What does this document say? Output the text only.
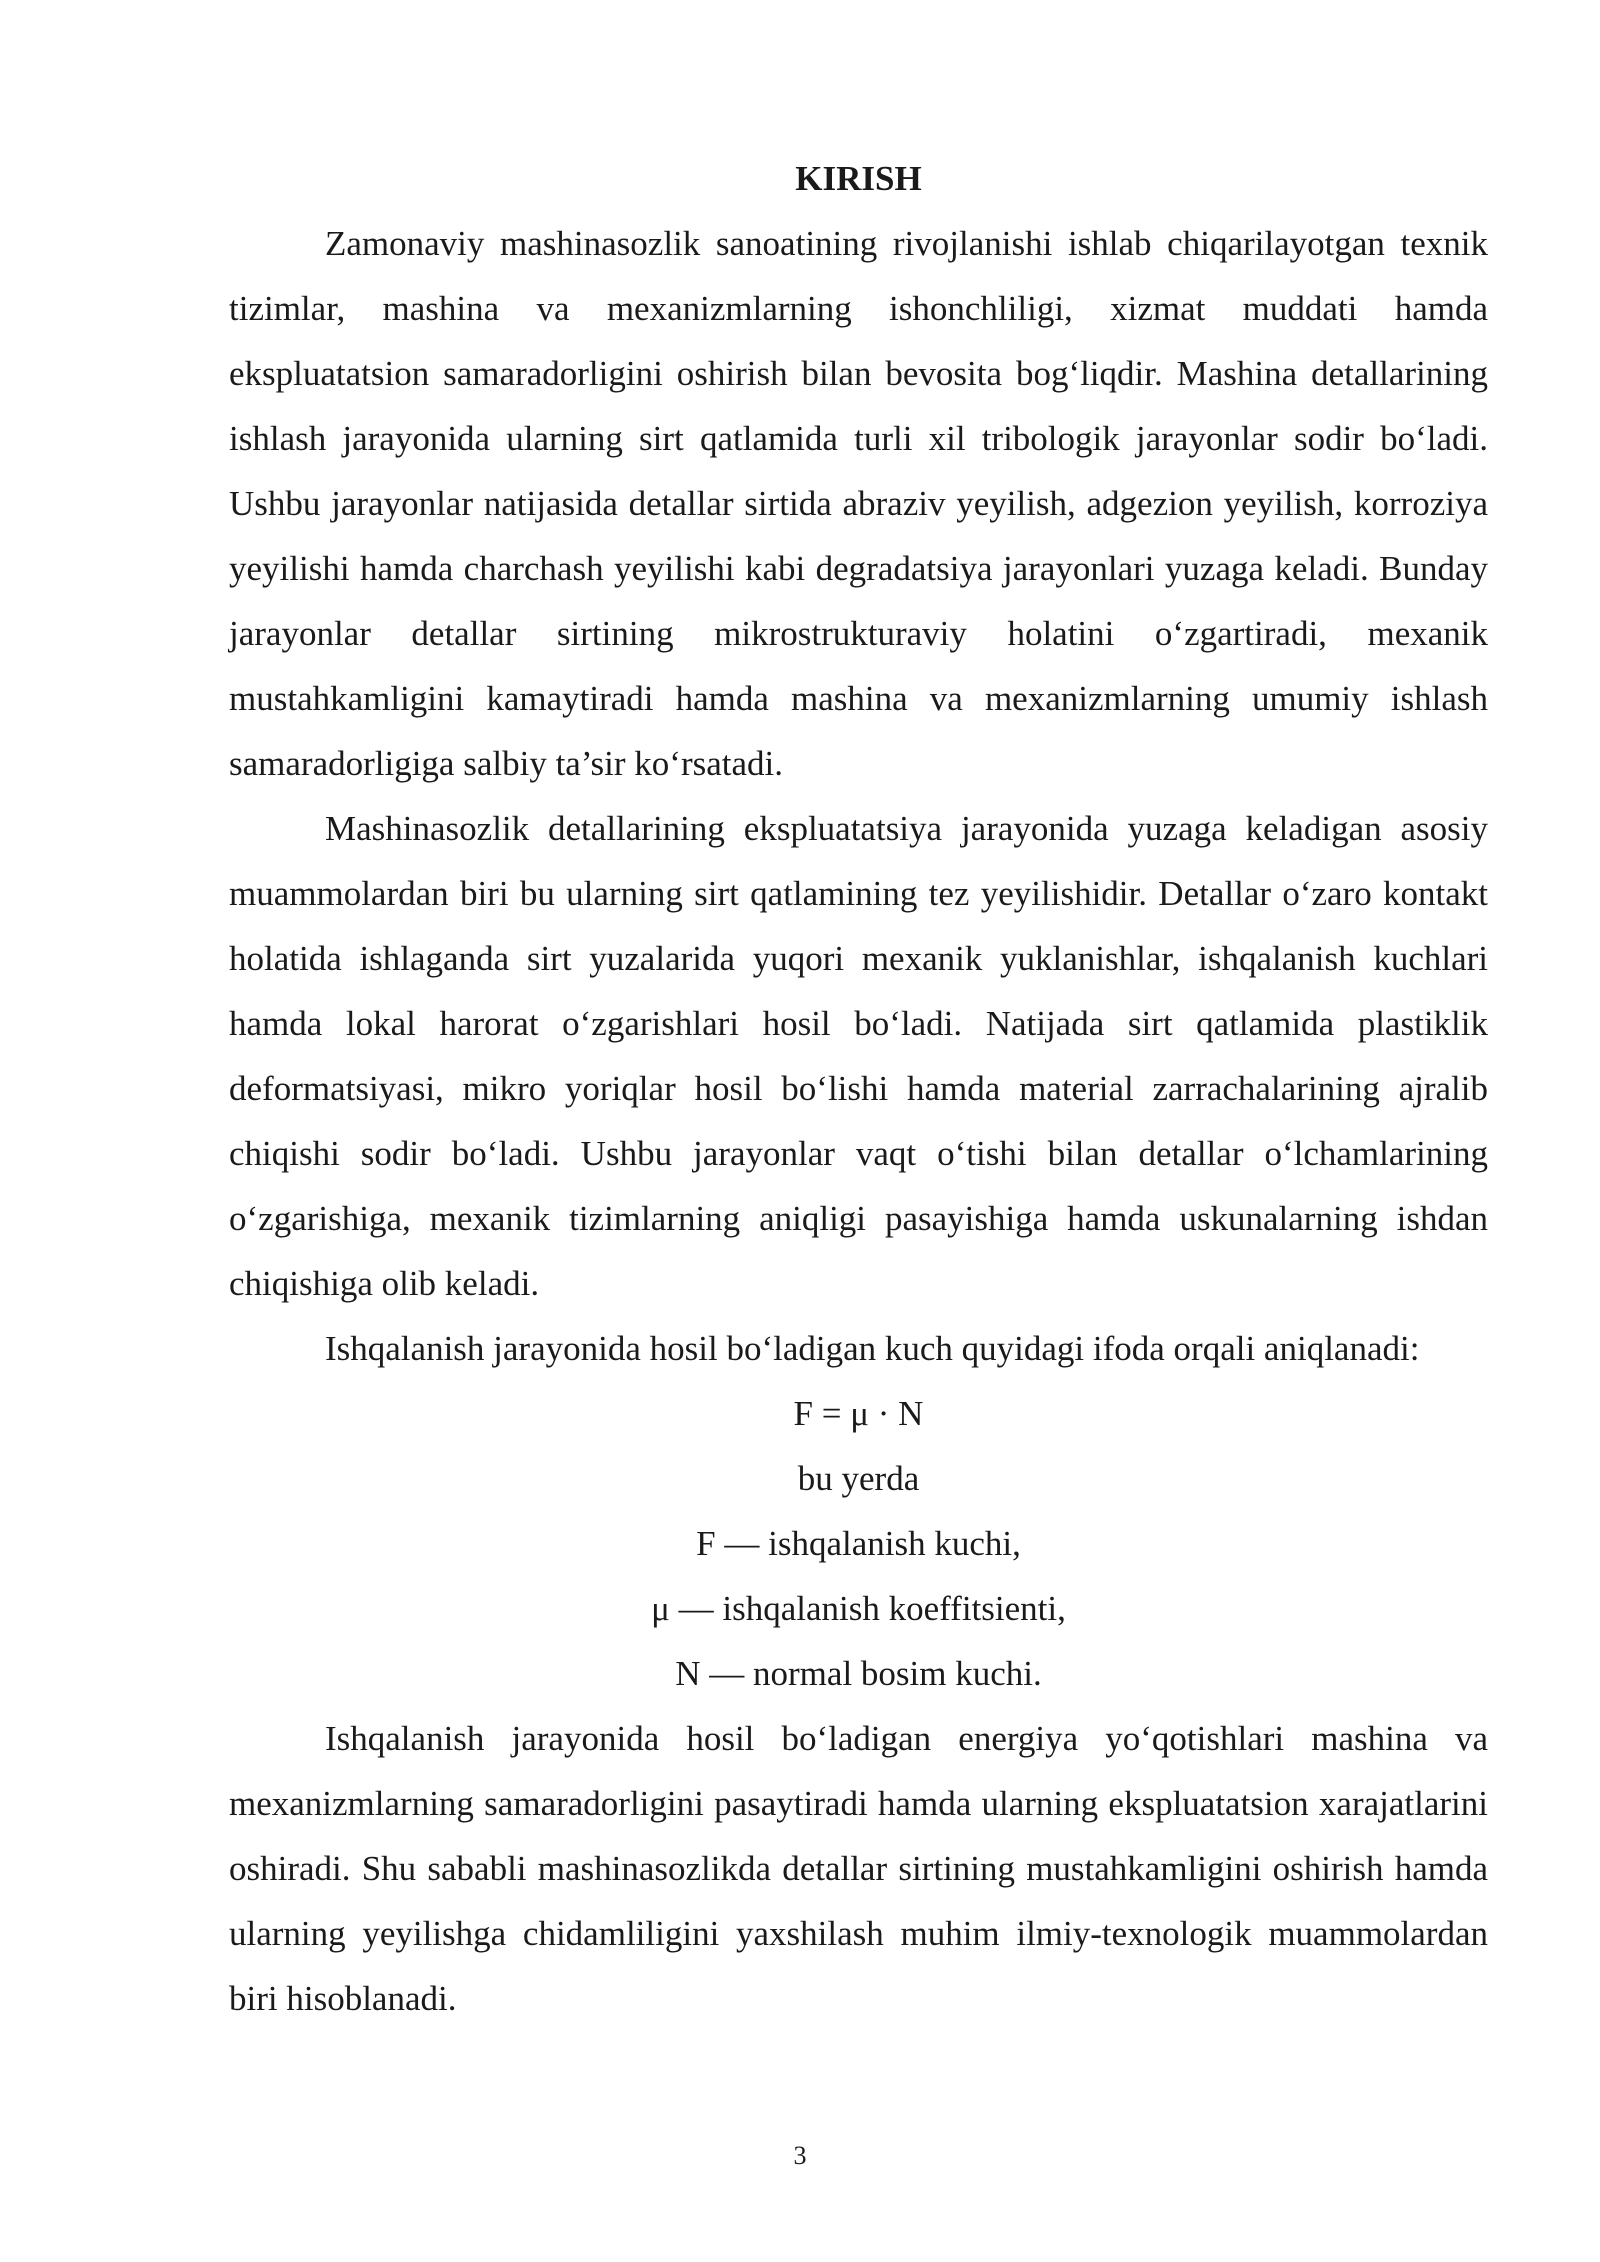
KIRISH

Zamonaviy mashinasozlik sanoatining rivojlanishi ishlab chiqarilayotgan texnik tizimlar, mashina va mexanizmlarning ishonchliligi, xizmat muddati hamda ekspluatatsion samaradorligini oshirish bilan bevosita bog‘liqdir. Mashina detallarining ishlash jarayonida ularning sirt qatlamida turli xil tribologik jarayonlar sodir bo‘ladi. Ushbu jarayonlar natijasida detallar sirtida abraziv yeyilish, adgezion yeyilish, korroziya yeyilishi hamda charchash yeyilishi kabi degradatsiya jarayonlari yuzaga keladi. Bunday jarayonlar detallar sirtining mikrostrukturaviy holatini o‘zgartiradi, mexanik mustahkamligini kamaytiradi hamda mashina va mexanizmlarning umumiy ishlash samaradorligiga salbiy ta’sir ko‘rsatadi.

Mashinasozlik detallarining ekspluatatsiya jarayonida yuzaga keladigan asosiy muammolardan biri bu ularning sirt qatlamining tez yeyilishidir. Detallar o‘zaro kontakt holatida ishlaganda sirt yuzalarida yuqori mexanik yuklanishlar, ishqalanish kuchlari hamda lokal harorat o‘zgarishlari hosil bo‘ladi. Natijada sirt qatlamida plastiklik deformatsiyasi, mikro yoriqlar hosil bo‘lishi hamda material zarrachalarining ajralib chiqishi sodir bo‘ladi. Ushbu jarayonlar vaqt o‘tishi bilan detallar o‘lchamlarining o‘zgarishiga, mexanik tizimlarning aniqligi pasayishiga hamda uskunalarning ishdan chiqishiga olib keladi.

Ishqalanish jarayonida hosil bo‘ladigan kuch quyidagi ifoda orqali aniqlanadi:

F = μ · N
bu yerda
F — ishqalanish kuchi,
μ — ishqalanish koeffitsienti,
N — normal bosim kuchi.

Ishqalanish jarayonida hosil bo‘ladigan energiya yo‘qotishlari mashina va mexanizmlarning samaradorligini pasaytiradi hamda ularning ekspluatatsion xarajatlarini oshiradi. Shu sababli mashinasozlikda detallar sirtining mustahkamligini oshirish hamda ularning yeyilishga chidamliligini yaxshilash muhim ilmiy-texnologik muammolardan biri hisoblanadi.

3
